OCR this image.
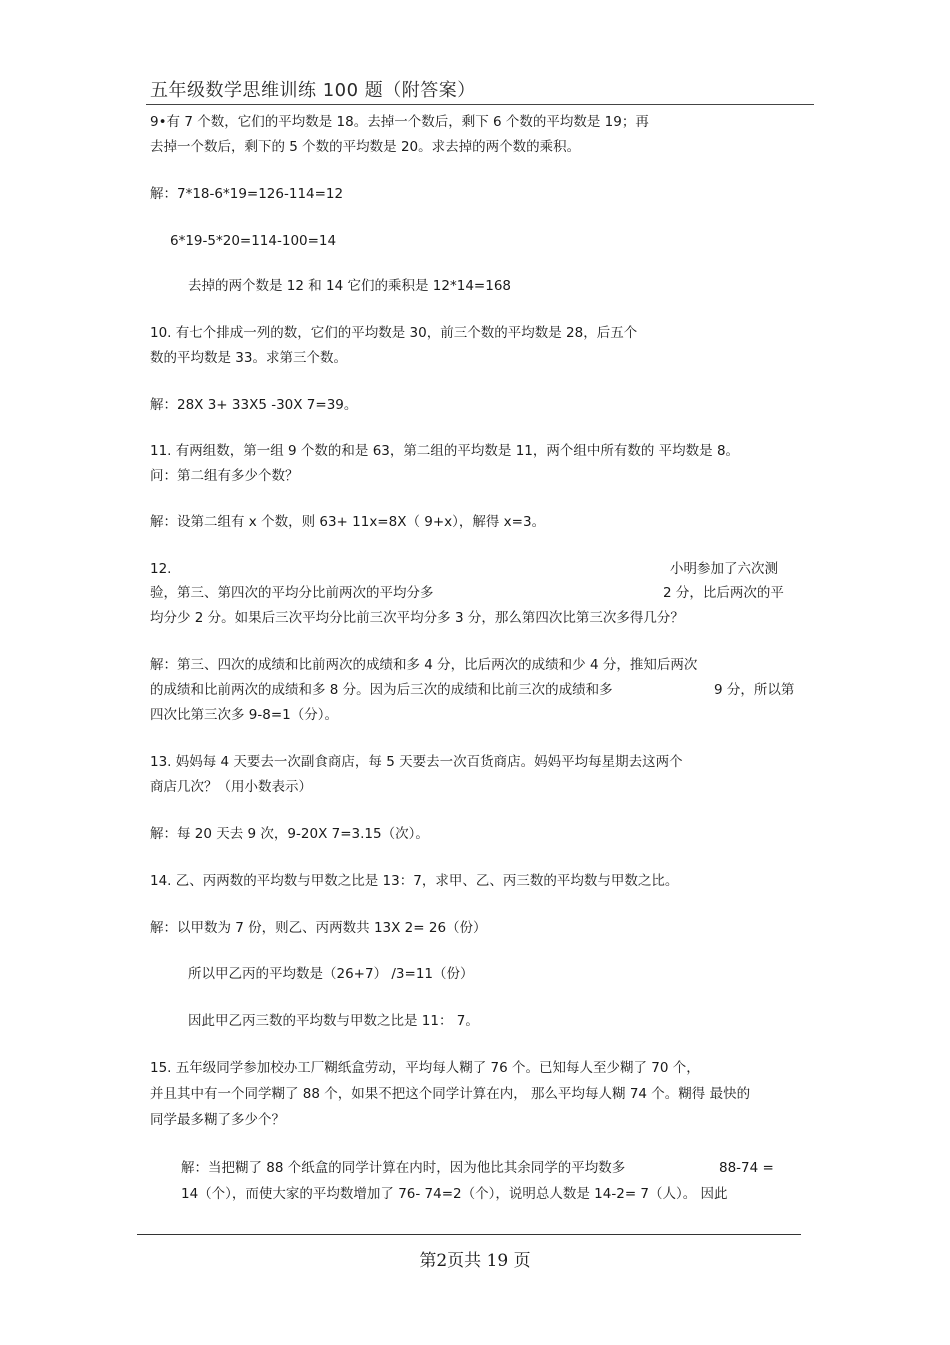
五年级数学思维训练 100 题（附答案）
9•有 7 个数，它们的平均数是 18。去掉一个数后，剩下 6 个数的平均数是 19；再
去掉一个数后，剩下的 5 个数的平均数是 20。求去掉的两个数的乘积。
解：7*18-6*19=126-114=12
6*19-5*20=114-100=14
去掉的两个数是 12 和 14 它们的乘积是 12*14=168
10. 有七个排成一列的数，它们的平均数是 30，前三个数的平均数是 28，后五个
数的平均数是 33。求第三个数。
解：28X 3+ 33X5 -30X 7=39。
11. 有两组数，第一组 9 个数的和是 63，第二组的平均数是 11，两个组中所有数的 平均数是 8。
问：第二组有多少个数？
解：设第二组有 x 个数，则 63+ 11x=8X（ 9+x），解得 x=3。
12.	小明参加了六次测
验，第三、第四次的平均分比前两次的平均分多	2 分，比后两次的平
均分少 2 分。如果后三次平均分比前三次平均分多 3 分，那么第四次比第三次多得几分？
解：第三、四次的成绩和比前两次的成绩和多 4 分，比后两次的成绩和少 4 分，推知后两次
的成绩和比前两次的成绩和多 8 分。因为后三次的成绩和比前三次的成绩和多	9 分，所以第
四次比第三次多 9-8=1（分）。
13. 妈妈每 4 天要去一次副食商店，每 5 天要去一次百货商店。妈妈平均每星期去这两个
商店几次？（用小数表示）
解：每 20 天去 9 次，9-20X 7=3.15（次）。
14. 乙、丙两数的平均数与甲数之比是 13：7，求甲、乙、丙三数的平均数与甲数之比。
解：以甲数为 7 份，则乙、丙两数共 13X 2= 26（份）
所以甲乙丙的平均数是（26+7） /3=11（份）
因此甲乙丙三数的平均数与甲数之比是 11： 7。
15. 五年级同学参加校办工厂糊纸盒劳动，平均每人糊了 76 个。已知每人至少糊了 70 个，
并且其中有一个同学糊了 88 个，如果不把这个同学计算在内， 那么平均每人糊 74 个。糊得 最快的
同学最多糊了多少个？
解：当把糊了 88 个纸盒的同学计算在内时，因为他比其余同学的平均数多	88-74 =
14（个），而使大家的平均数增加了 76- 74=2（个），说明总人数是 14-2= 7（人）。 因此
第2页共 19 页
